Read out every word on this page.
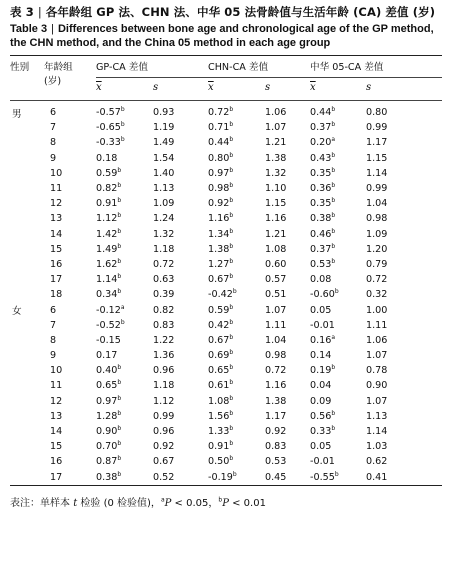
表 3 | 各年龄组 GP 法、CHN 法、中华 05 法骨龄值与生活年龄 (CA) 差值 (岁)
Table 3 | Differences between bone age and chronological age of the GP method, the CHN method, and the China 05 method in each age group
性别	年龄组
(岁)	GP-CA 差值		CHN-CA 差值		中华 05-CA 差值	

		$\overline{x}$	s	$\overline{x}$	s	$\overline{x}$	s

男	6	-0.57$^b$	0.93	0.72$^b$	1.06	0.44$^b$	0.80
	7	-0.65$^b$	1.19	0.71$^b$	1.07	0.37$^b$	0.99
	8	-0.33$^b$	1.49	0.44$^b$	1.21	0.20$^a$	1.17
	9	0.18	1.54	0.80$^b$	1.38	0.43$^b$	1.15
	10	0.59$^b$	1.40	0.97$^b$	1.32	0.35$^b$	1.14
	11	0.82$^b$	1.13	0.98$^b$	1.10	0.36$^b$	0.99
	12	0.91$^b$	1.09	0.92$^b$	1.15	0.35$^b$	1.04
	13	1.12$^b$	1.24	1.16$^b$	1.16	0.38$^b$	0.98
	14	1.42$^b$	1.32	1.34$^b$	1.21	0.46$^b$	1.09
	15	1.49$^b$	1.18	1.38$^b$	1.08	0.37$^b$	1.20
	16	1.62$^b$	0.72	1.27$^b$	0.60	0.53$^b$	0.79
	17	1.14$^b$	0.63	0.67$^b$	0.57	0.08	0.72
	18	0.34$^b$	0.39	-0.42$^b$	0.51	-0.60$^b$	0.32
女	6	-0.12$^a$	0.82	0.59$^b$	1.07	0.05	1.00
	7	-0.52$^b$	0.83	0.42$^b$	1.11	-0.01	1.11
	8	-0.15	1.22	0.67$^b$	1.04	0.16$^a$	1.06
	9	0.17	1.36	0.69$^b$	0.98	0.14	1.07
	10	0.40$^b$	0.96	0.65$^b$	0.72	0.19$^b$	0.78
	11	0.65$^b$	1.18	0.61$^b$	1.16	0.04	0.90
	12	0.97$^b$	1.12	1.08$^b$	1.38	0.09	1.07
	13	1.28$^b$	0.99	1.56$^b$	1.17	0.56$^b$	1.13
	14	0.90$^b$	0.96	1.33$^b$	0.92	0.33$^b$	1.14
	15	0.70$^b$	0.92	0.91$^b$	0.83	0.05	1.03
	16	0.87$^b$	0.67	0.50$^b$	0.53	-0.01	0.62
	17	0.38$^b$	0.52	-0.19$^b$	0.45	-0.55$^b$	0.41
表注：单样本 t 检验 (0 检验值)，$^a$P < 0.05，$^b$P < 0.01
